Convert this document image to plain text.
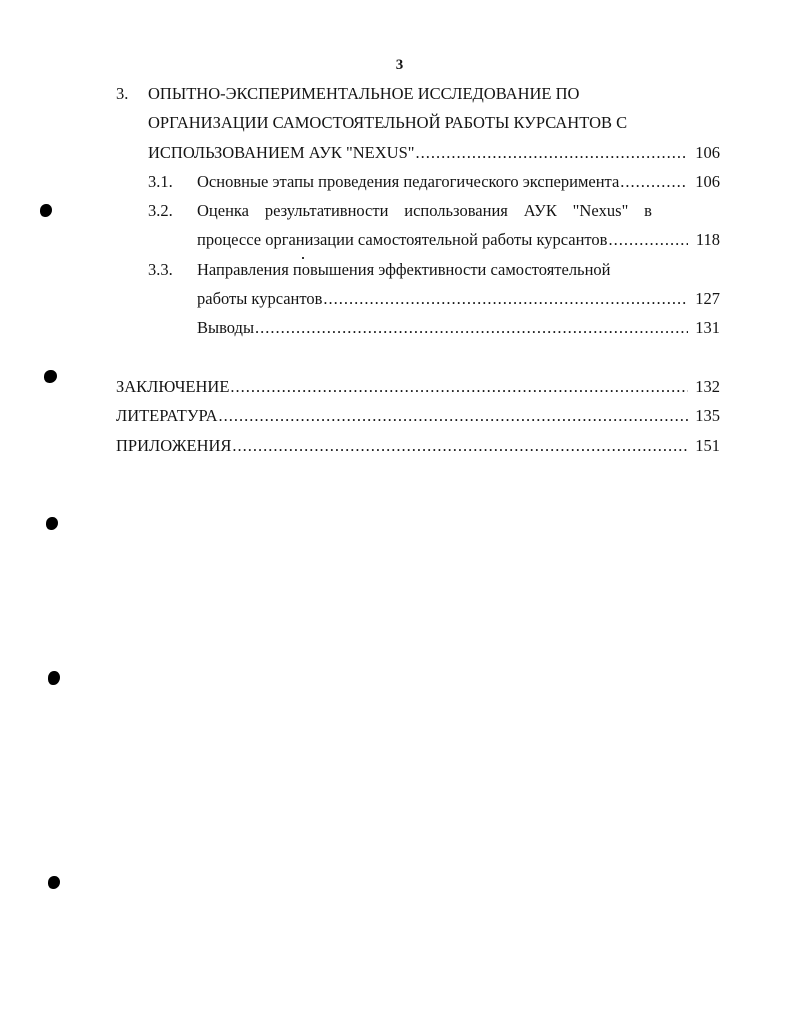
3
3. ОПЫТНО-ЭКСПЕРИМЕНТАЛЬНОЕ ИССЛЕДОВАНИЕ ПО
ОРГАНИЗАЦИИ САМОСТОЯТЕЛЬНОЙ РАБОТЫ КУРСАНТОВ С
ИСПОЛЬЗОВАНИЕМ АУК "NEXUS" .....	106
3.1. Основные этапы проведения педагогического эксперимента .....	106
3.2. Оценка результативности использования АУК "Nexus" в
процессе организации самостоятельной работы курсантов .....	118
3.3. Направления повышения эффективности самостоятельной
работы курсантов .....	127
Выводы .....	131
ЗАКЛЮЧЕНИЕ .....	132
ЛИТЕРАТУРА .....	135
ПРИЛОЖЕНИЯ .....	151
